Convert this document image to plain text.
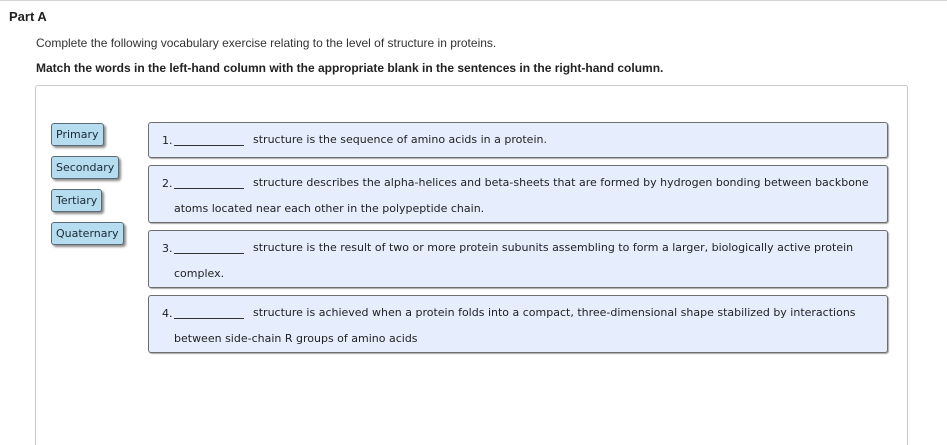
Part A
Complete the following vocabulary exercise relating to the level of structure in proteins.
Match the words in the left-hand column with the appropriate blank in the sentences in the right-hand column.
Primary
Secondary
Tertiary
Quaternary
1.	structure is the sequence of amino acids in a protein.
2.	structure describes the alpha-helices and beta-sheets that are formed by hydrogen bonding between backbone atoms located near each other in the polypeptide chain.
3.	structure is the result of two or more protein subunits assembling to form a larger, biologically active protein complex.
4.	structure is achieved when a protein folds into a compact, three-dimensional shape stabilized by interactions between side-chain R groups of amino acids
